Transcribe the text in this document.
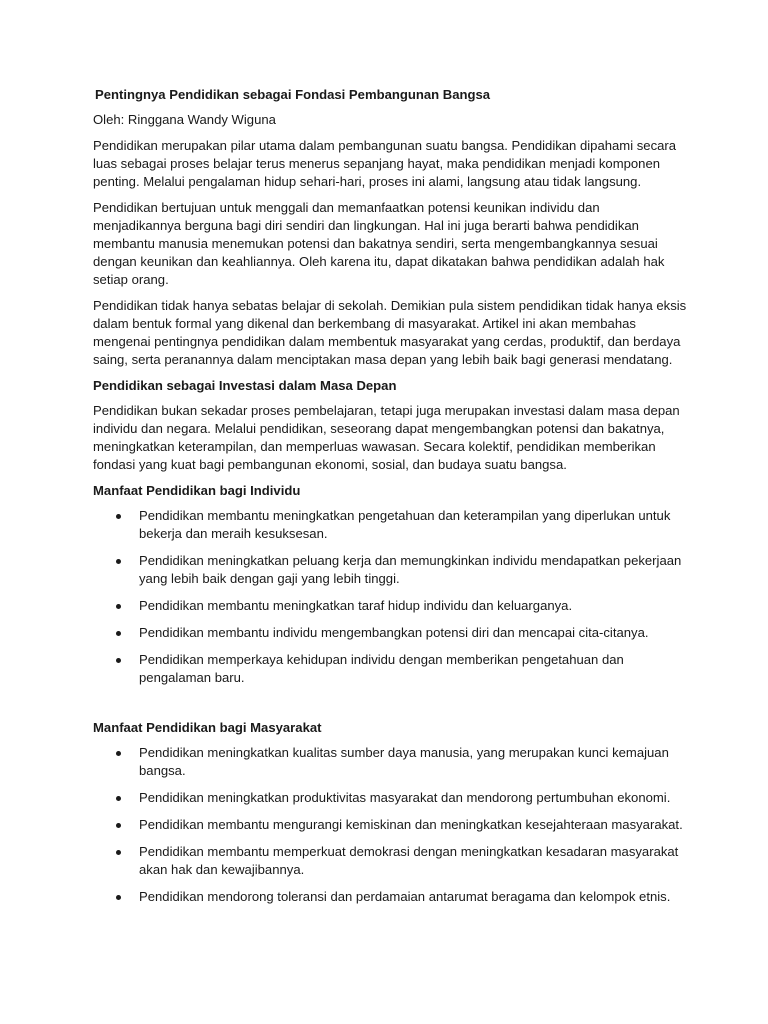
Pentingnya Pendidikan sebagai Fondasi Pembangunan Bangsa
Oleh: Ringgana Wandy Wiguna

Pendidikan merupakan pilar utama dalam pembangunan suatu bangsa. Pendidikan dipahami secara luas sebagai proses belajar terus menerus sepanjang hayat, maka pendidikan menjadi komponen penting. Melalui pengalaman hidup sehari-hari, proses ini alami, langsung atau tidak langsung.

Pendidikan bertujuan untuk menggali dan memanfaatkan potensi keunikan individu dan menjadikannya berguna bagi diri sendiri dan lingkungan. Hal ini juga berarti bahwa pendidikan membantu manusia menemukan potensi dan bakatnya sendiri, serta mengembangkannya sesuai dengan keunikan dan keahliannya. Oleh karena itu, dapat dikatakan bahwa pendidikan adalah hak setiap orang.

Pendidikan tidak hanya sebatas belajar di sekolah. Demikian pula sistem pendidikan tidak hanya eksis dalam bentuk formal yang dikenal dan berkembang di masyarakat. Artikel ini akan membahas mengenai pentingnya pendidikan dalam membentuk masyarakat yang cerdas, produktif, dan berdaya saing, serta peranannya dalam menciptakan masa depan yang lebih baik bagi generasi mendatang.

Pendidikan sebagai Investasi dalam Masa Depan

Pendidikan bukan sekadar proses pembelajaran, tetapi juga merupakan investasi dalam masa depan individu dan negara. Melalui pendidikan, seseorang dapat mengembangkan potensi dan bakatnya, meningkatkan keterampilan, dan memperluas wawasan. Secara kolektif, pendidikan memberikan fondasi yang kuat bagi pembangunan ekonomi, sosial, dan budaya suatu bangsa.

Manfaat Pendidikan bagi Individu
Pendidikan membantu meningkatkan pengetahuan dan keterampilan yang diperlukan untuk bekerja dan meraih kesuksesan.
Pendidikan meningkatkan peluang kerja dan memungkinkan individu mendapatkan pekerjaan yang lebih baik dengan gaji yang lebih tinggi.
Pendidikan membantu meningkatkan taraf hidup individu dan keluarganya.
Pendidikan membantu individu mengembangkan potensi diri dan mencapai cita-citanya.
Pendidikan memperkaya kehidupan individu dengan memberikan pengetahuan dan pengalaman baru.
Manfaat Pendidikan bagi Masyarakat
Pendidikan meningkatkan kualitas sumber daya manusia, yang merupakan kunci kemajuan bangsa.
Pendidikan meningkatkan produktivitas masyarakat dan mendorong pertumbuhan ekonomi.
Pendidikan membantu mengurangi kemiskinan dan meningkatkan kesejahteraan masyarakat.
Pendidikan membantu memperkuat demokrasi dengan meningkatkan kesadaran masyarakat akan hak dan kewajibannya.
Pendidikan mendorong toleransi dan perdamaian antarumat beragama dan kelompok etnis.
